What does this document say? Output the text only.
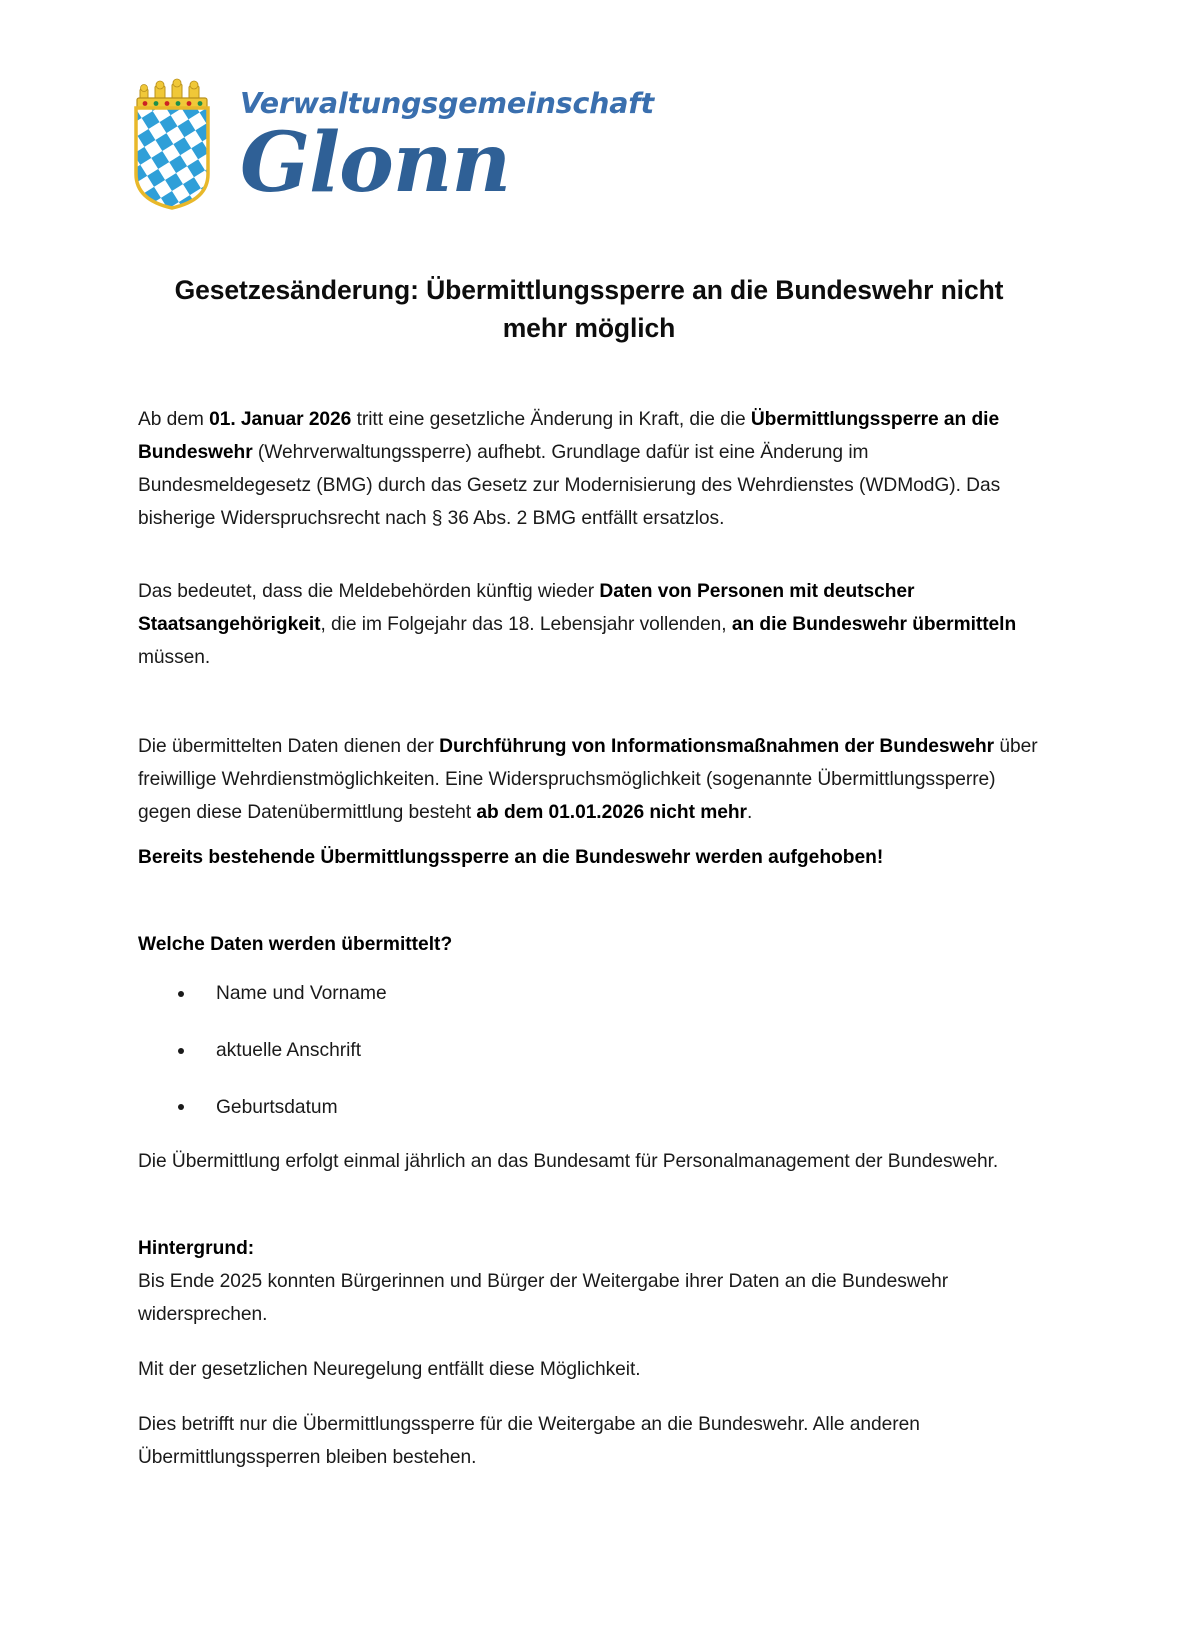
Verwaltungsgemeinschaft
Glonn
Gesetzesänderung: Übermittlungssperre an die Bundeswehr nicht mehr möglich

Ab dem 01. Januar 2026 tritt eine gesetzliche Änderung in Kraft, die die Übermittlungssperre an die Bundeswehr (Wehrverwaltungssperre) aufhebt. Grundlage dafür ist eine Änderung im Bundesmeldegesetz (BMG) durch das Gesetz zur Modernisierung des Wehrdienstes (WDModG). Das bisherige Widerspruchsrecht nach § 36 Abs. 2 BMG entfällt ersatzlos.

Das bedeutet, dass die Meldebehörden künftig wieder Daten von Personen mit deutscher Staatsangehörigkeit, die im Folgejahr das 18. Lebensjahr vollenden, an die Bundeswehr übermitteln müssen.

Die übermittelten Daten dienen der Durchführung von Informationsmaßnahmen der Bundeswehr über freiwillige Wehrdienstmöglichkeiten. Eine Widerspruchsmöglichkeit (sogenannte Übermittlungssperre) gegen diese Datenübermittlung besteht ab dem 01.01.2026 nicht mehr.

Bereits bestehende Übermittlungssperre an die Bundeswehr werden aufgehoben!

Welche Daten werden übermittelt?

Name und Vorname
aktuelle Anschrift
Geburtsdatum

Die Übermittlung erfolgt einmal jährlich an das Bundesamt für Personalmanagement der Bundeswehr.

Hintergrund:

Bis Ende 2025 konnten Bürgerinnen und Bürger der Weitergabe ihrer Daten an die Bundeswehr widersprechen.

Mit der gesetzlichen Neuregelung entfällt diese Möglichkeit.

Dies betrifft nur die Übermittlungssperre für die Weitergabe an die Bundeswehr. Alle anderen Übermittlungssperren bleiben bestehen.
